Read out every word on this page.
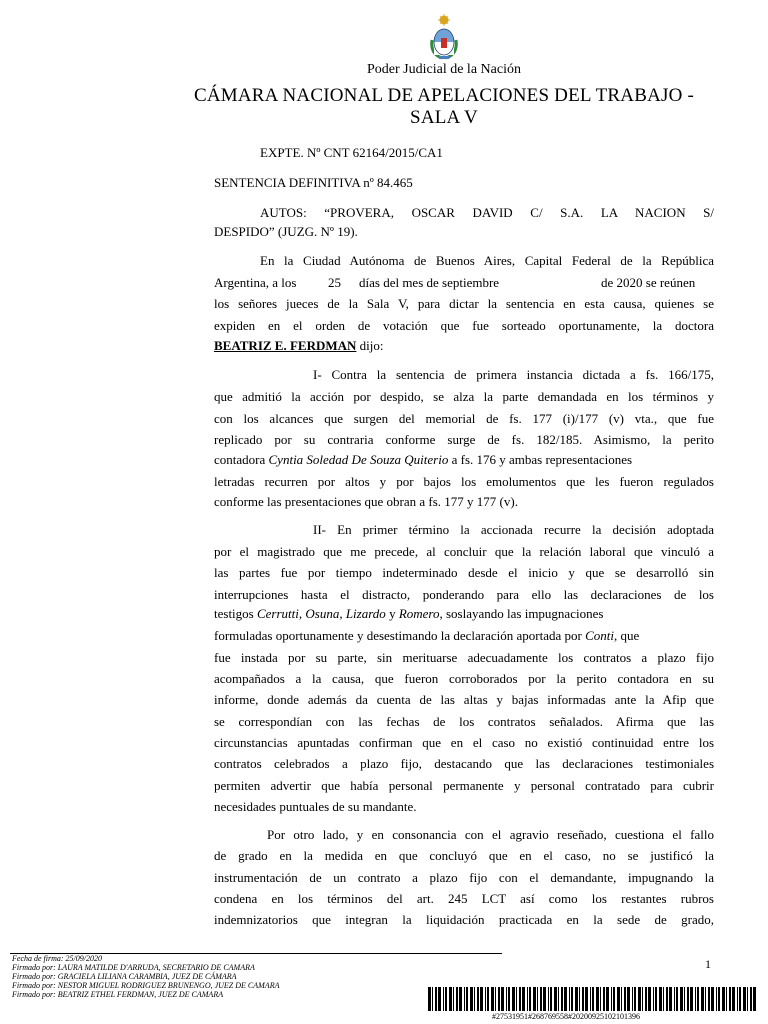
Poder Judicial de la Nación
CÁMARA NACIONAL DE APELACIONES DEL TRABAJO -
SALA V
EXPTE. Nº CNT 62164/2015/CA1
SENTENCIA DEFINITIVA nº 84.465
AUTOS: “PROVERA, OSCAR DAVID C/ S.A. LA NACION S/
DESPIDO” (JUZG. Nº 19).
En la Ciudad Autónoma de Buenos Aires, Capital Federal de la República
Argentina, a los 25 días del mes de septiembre	de 2020 se reúnen
los señores jueces de la Sala V, para dictar la sentencia en esta causa, quienes se
expiden en el orden de votación que fue sorteado oportunamente, la doctora
BEATRIZ E. FERDMAN dijo:
I- Contra la sentencia de primera instancia dictada a fs. 166/175,
que admitió la acción por despido, se alza la parte demandada en los términos y
con los alcances que surgen del memorial de fs. 177 (i)/177 (v) vta., que fue
replicado por su contraria conforme surge de fs. 182/185. Asimismo, la perito
contadora Cyntia Soledad De Souza Quiterio a fs. 176 y ambas representaciones
letradas recurren por altos y por bajos los emolumentos que les fueron regulados
conforme las presentaciones que obran a fs. 177 y 177 (v).
II- En primer término la accionada recurre la decisión adoptada
por el magistrado que me precede, al concluir que la relación laboral que vinculó a
las partes fue por tiempo indeterminado desde el inicio y que se desarrolló sin
interrupciones hasta el distracto, ponderando para ello las declaraciones de los
testigos Cerrutti, Osuna, Lizardo y Romero, soslayando las impugnaciones
formuladas oportunamente y desestimando la declaración aportada por Conti, que
fue instada por su parte, sin merituarse adecuadamente los contratos a plazo fijo
acompañados a la causa, que fueron corroborados por la perito contadora en su
informe, donde además da cuenta de las altas y bajas informadas ante la Afip que
se correspondían con las fechas de los contratos señalados. Afirma que las
circunstancias apuntadas confirman que en el caso no existió continuidad entre los
contratos celebrados a plazo fijo, destacando que las declaraciones testimoniales
permiten advertir que había personal permanente y personal contratado para cubrir
necesidades puntuales de su mandante.
Por otro lado, y en consonancia con el agravio reseñado, cuestiona el fallo
de grado en la medida en que concluyó que en el caso, no se justificó la
instrumentación de un contrato a plazo fijo con el demandante, impugnando la
condena en los términos del art. 245 LCT así como los restantes rubros
indemnizatorios que integran la liquidación practicada en la sede de grado,
Fecha de firma: 25/09/2020
Firmado por: LAURA MATILDE D'ARRUDA, SECRETARIO DE CAMARA
Firmado por: GRACIELA LILIANA CARAMBIA, JUEZ DE CÁMARA
Firmado por: NESTOR MIGUEL RODRIGUEZ BRUNENGO, JUEZ DE CAMARA
Firmado por: BEATRIZ ETHEL FERDMAN, JUEZ DE CAMARA
1
#27531951#268769558#20200925102101396
